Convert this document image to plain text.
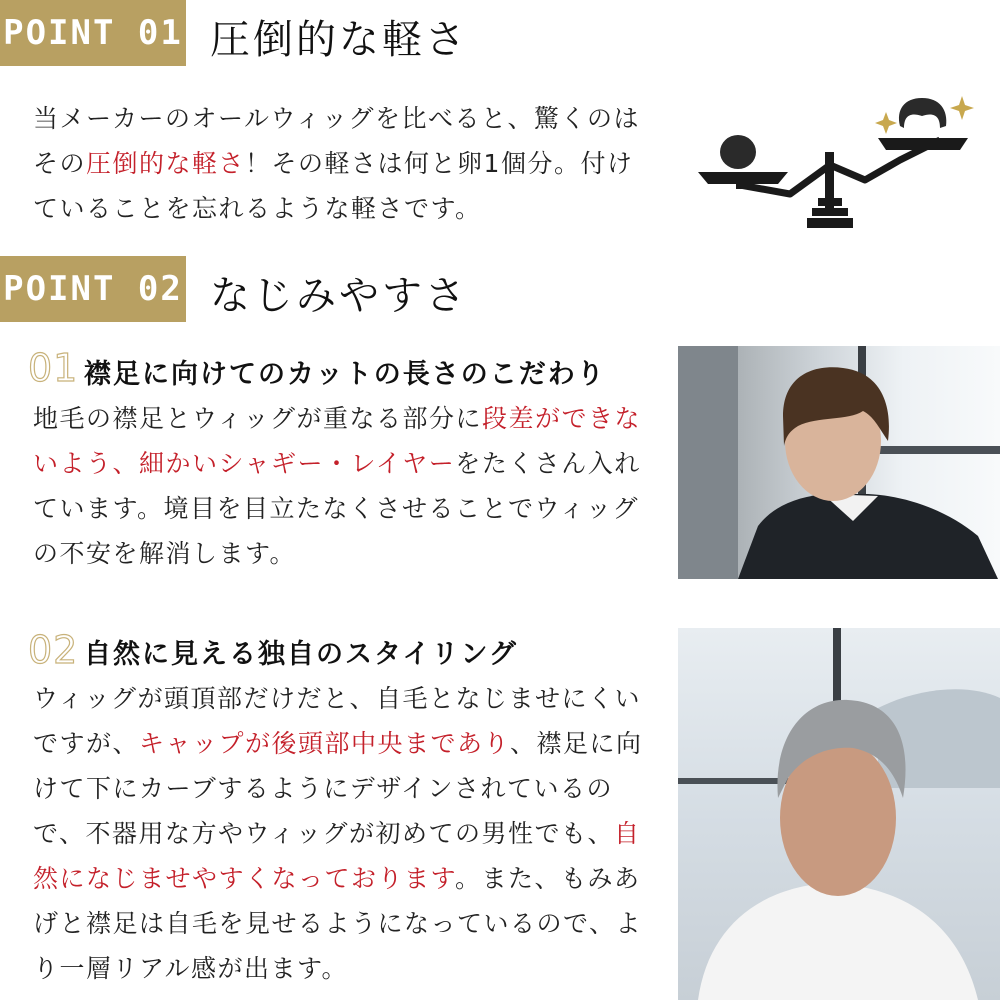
POINT 01 圧倒的な軽さ
当メーカーのオールウィッグを比べると、驚くのは
その圧倒的な軽さ！その軽さは何と卵1個分。付け
ていることを忘れるような軽さです。
POINT 02 なじみやすさ
01 襟足に向けてのカットの長さのこだわり
地毛の襟足とウィッグが重なる部分に段差ができな
いよう、細かいシャギー・レイヤーをたくさん入れ
ています。境目を目立たなくさせることでウィッグ
の不安を解消します。
02 自然に見える独自のスタイリング
ウィッグが頭頂部だけだと、自毛となじませにくい
ですが、キャップが後頭部中央まであり、襟足に向
けて下にカーブするようにデザインされているの
で、不器用な方やウィッグが初めての男性でも、自
然になじませやすくなっております。また、もみあ
げと襟足は自毛を見せるようになっているので、よ
り一層リアル感が出ます。
